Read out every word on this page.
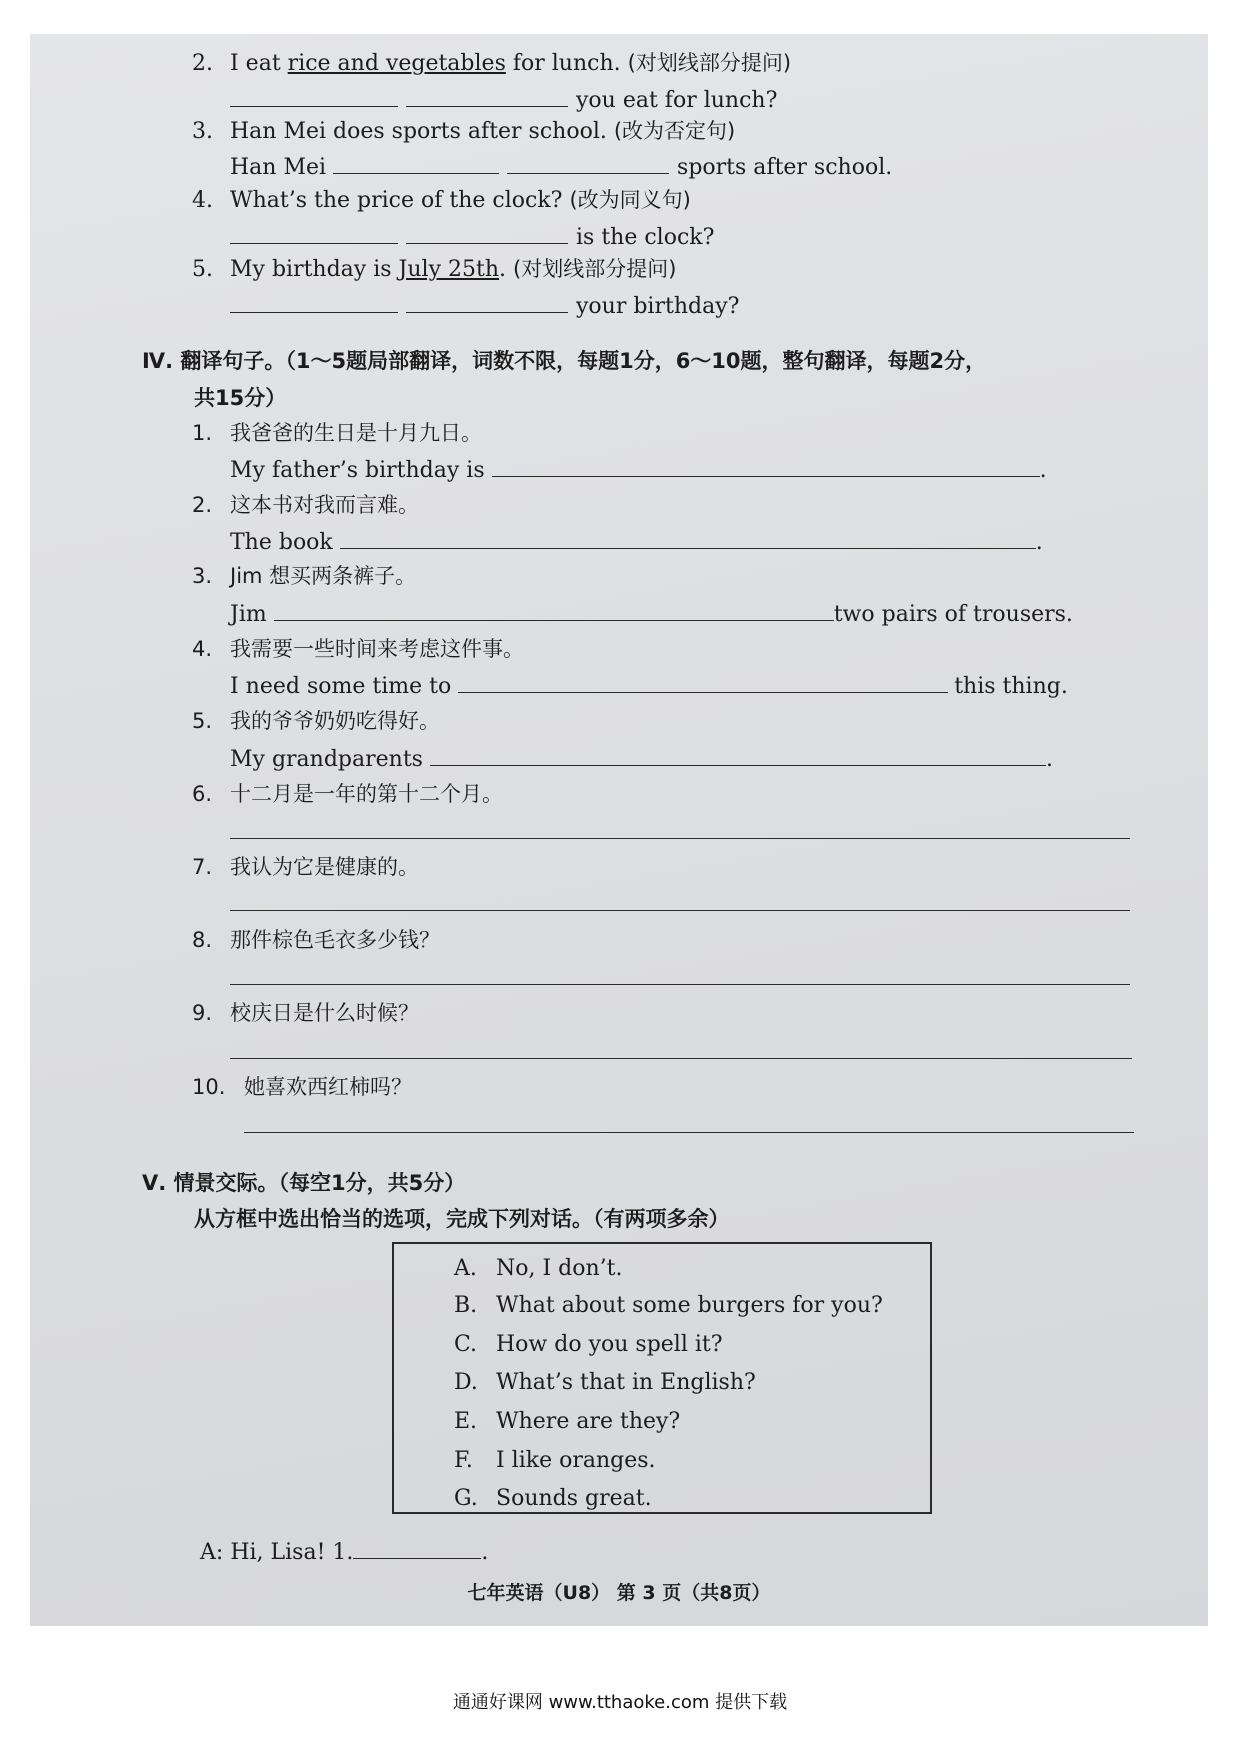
2. I eat rice and vegetables for lunch. (对划线部分提问)
you eat for lunch?
3. Han Mei does sports after school. (改为否定句)
Han Mei	sports after school.
4. What’s the price of the clock? (改为同义句)
is the clock?
5. My birthday is July 25th. (对划线部分提问)
your birthday?
Ⅳ. 翻译句子。（1～5题局部翻译，词数不限，每题1分，6～10题，整句翻译，每题2分，
共15分）
1. 我爸爸的生日是十月九日。
My father’s birthday is	.
2. 这本书对我而言难。
The book	.
3. Jim 想买两条裤子。
Jim	two pairs of trousers.
4. 我需要一些时间来考虑这件事。
I need some time to	this thing.
5. 我的爷爷奶奶吃得好。
My grandparents	.
6. 十二月是一年的第十二个月。
7. 我认为它是健康的。
8. 那件棕色毛衣多少钱？
9. 校庆日是什么时候？
10. 她喜欢西红柿吗？
Ⅴ. 情景交际。（每空1分，共5分）
从方框中选出恰当的选项，完成下列对话。（有两项多余）
A. No, I don’t.
B. What about some burgers for you?
C. How do you spell it?
D. What’s that in English?
E. Where are they?
F. I like oranges.
G. Sounds great.
A: Hi, Lisa! 1.	.
七年英语（U8） 第 3 页（共8页）
通通好课网 www.tthaoke.com 提供下载
